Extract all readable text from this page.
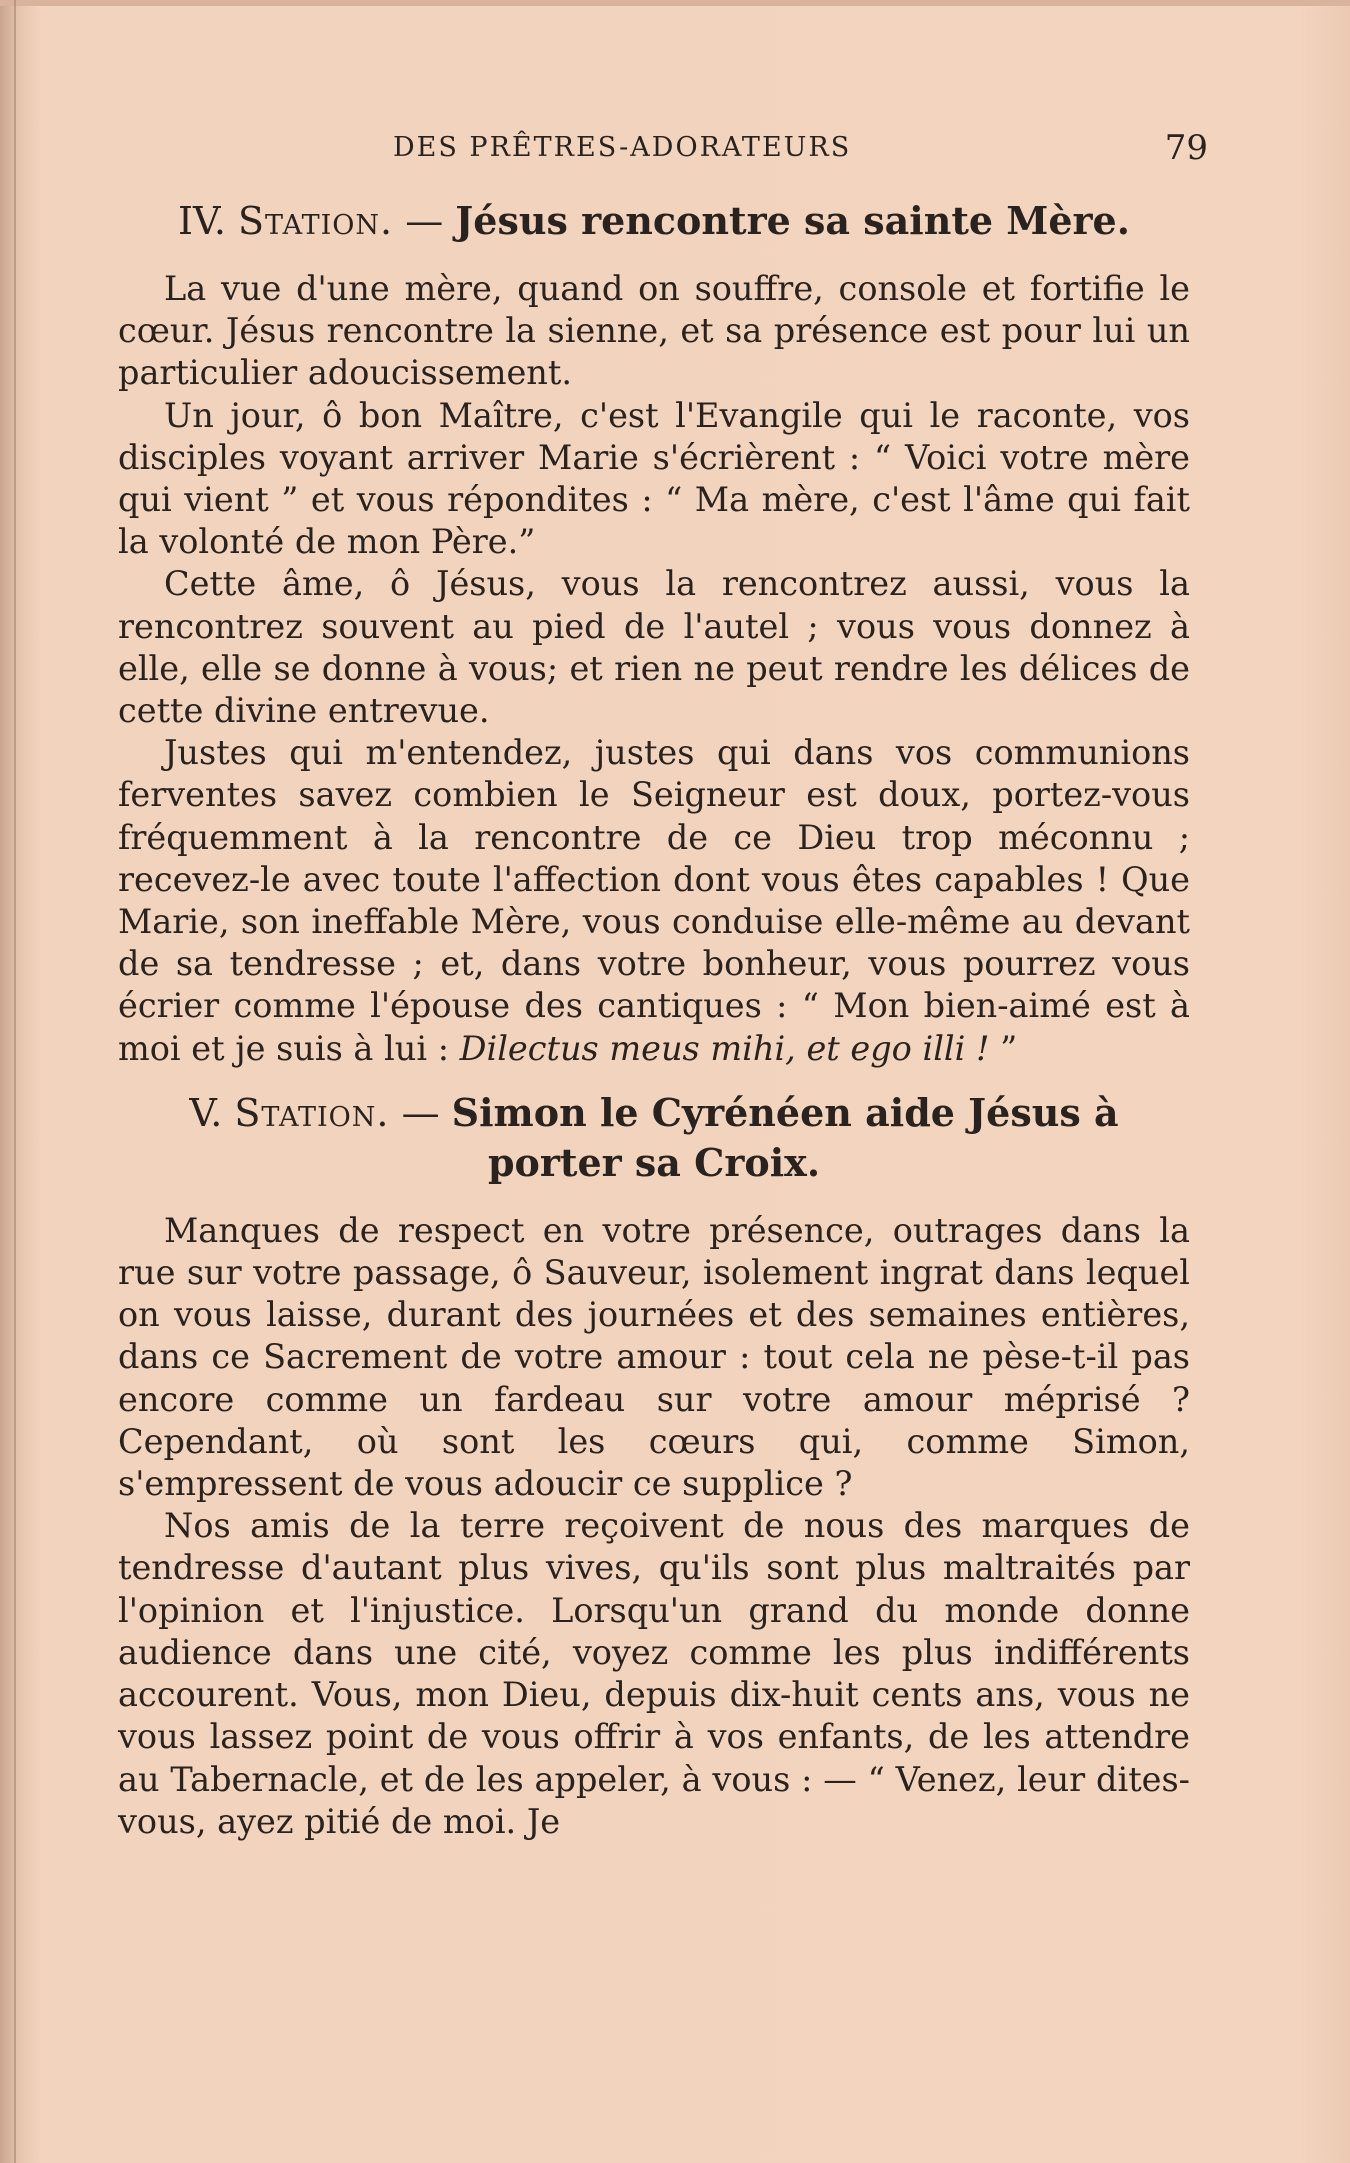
DES PRÊTRES-ADORATEURS	79
IV. Station. — Jésus rencontre sa sainte Mère.

La vue d'une mère, quand on souffre, console et fortifie le cœur. Jésus rencontre la sienne, et sa présence est pour lui un particulier adoucissement.

Un jour, ô bon Maître, c'est l'Evangile qui le raconte, vos disciples voyant arriver Marie s'écrièrent : “ Voici votre mère qui vient ” et vous répondites : “ Ma mère, c'est l'âme qui fait la volonté de mon Père.”

Cette âme, ô Jésus, vous la rencontrez aussi, vous la rencontrez souvent au pied de l'autel ; vous vous donnez à elle, elle se donne à vous; et rien ne peut rendre les délices de cette divine entrevue.

Justes qui m'entendez, justes qui dans vos communions ferventes savez combien le Seigneur est doux, portez-vous fréquemment à la rencontre de ce Dieu trop méconnu ; recevez-le avec toute l'affection dont vous êtes capables ! Que Marie, son ineffable Mère, vous conduise elle-même au devant de sa tendresse ; et, dans votre bonheur, vous pourrez vous écrier comme l'épouse des cantiques : “ Mon bien-aimé est à moi et je suis à lui : Dilectus meus mihi, et ego illi ! ”

V. Station. — Simon le Cyrénéen aide Jésus à porter sa Croix.

Manques de respect en votre présence, outrages dans la rue sur votre passage, ô Sauveur, isolement ingrat dans lequel on vous laisse, durant des journées et des semaines entières, dans ce Sacrement de votre amour : tout cela ne pèse-t-il pas encore comme un fardeau sur votre amour méprisé ? Cependant, où sont les cœurs qui, comme Simon, s'empressent de vous adoucir ce supplice ?

Nos amis de la terre reçoivent de nous des marques de tendresse d'autant plus vives, qu'ils sont plus maltraités par l'opinion et l'injustice. Lorsqu'un grand du monde donne audience dans une cité, voyez comme les plus indifférents accourent. Vous, mon Dieu, depuis dix-huit cents ans, vous ne vous lassez point de vous offrir à vos enfants, de les attendre au Tabernacle, et de les appeler, à vous : — “ Venez, leur dites-vous, ayez pitié de moi. Je
